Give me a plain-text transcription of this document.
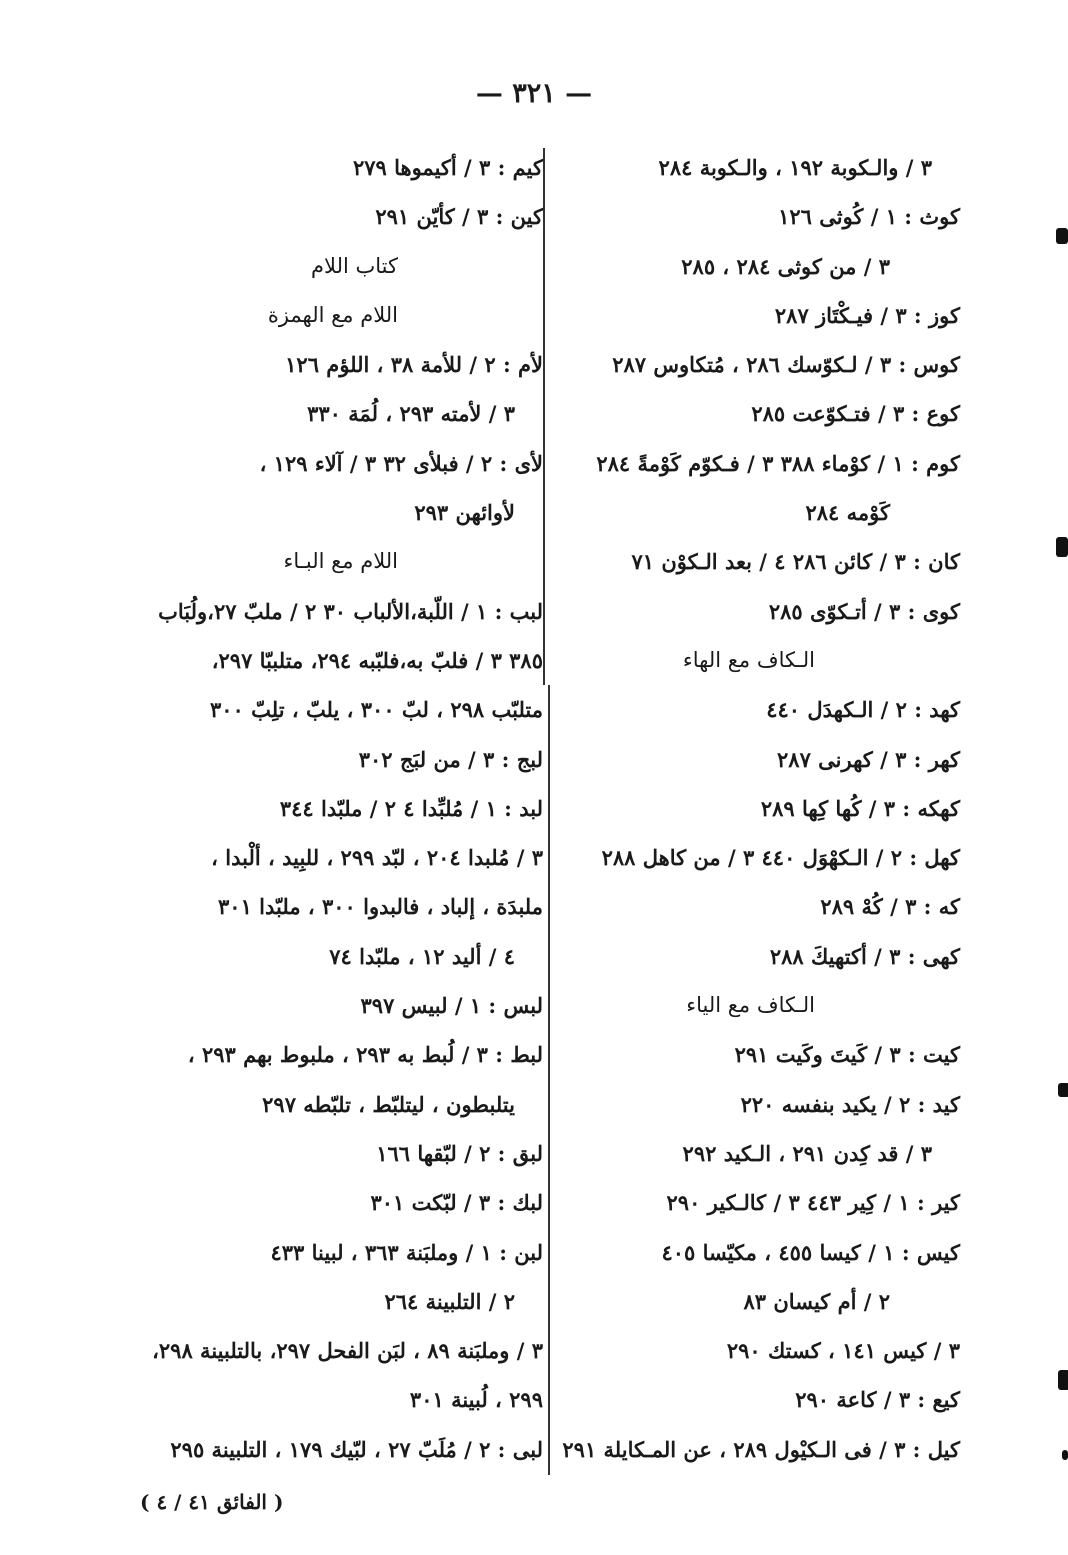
— ٣٢١ —
٣ / والـكوبة ١٩٢ ، والـكوبة ٢٨٤
كوث : ١ / كُوثى ١٢٦
٣ / من كوثى ٢٨٤ ، ٢٨٥
كوز : ٣ / فيـكْتَاز ٢٨٧
كوس : ٣ / لـكوّسك ٢٨٦ ، مُتكاوس ٢٨٧
كوع : ٣ / فتـكوّعت ٢٨٥
كوم : ١ / كوْماء ٣٨٨ ٣ / فـكوّم كَوْمةً ٢٨٤
كَوْمه ٢٨٤
كان : ٣ / كائن ٢٨٦ ٤ / بعد الـكوْن ٧١
كوى : ٣ / أتـكوّى ٢٨٥
الـكاف مع الهاء
كهد : ٢ / الـكهدَل ٤٤٠
كهر : ٣ / كهرنى ٢٨٧
كهكه : ٣ / كُها كِها ٢٨٩
كهل : ٢ / الـكهْوَل ٤٤٠ ٣ / من كاهل ٢٨٨
كه : ٣ / كُهْ ٢٨٩
كهى : ٣ / أكتهيكَ ٢٨٨
الـكاف مع الياء
كيت : ٣ / كَيتَ وكَيت ٢٩١
كيد : ٢ / يكيد بنفسه ٢٢٠
٣ / قد كِدن ٢٩١ ، الـكيد ٢٩٢
كير : ١ / كِير ٤٤٣ ٣ / كالـكير ٢٩٠
كيس : ١ / كيسا ٤٥٥ ، مكيّسا ٤٠٥
٢ / أم كيسان ٨٣
٣ / كيس ١٤١ ، كستك ٢٩٠
كيع : ٣ / كاعة ٢٩٠
كيل : ٣ / فى الـكيْول ٢٨٩ ، عن المـكايلة ٢٩١
كيم : ٣ / أكيموها ٢٧٩
كين : ٣ / كأيّن ٢٩١
كتاب اللام
اللام مع الهمزة
لأم : ٢ / للأمة ٣٨ ، اللؤم ١٢٦
٣ / لأمته ٢٩٣ ، لُمَة ٣٣٠
لأى : ٢ / فبلأى ٣٢ ٣ / آلاء ١٢٩ ،
لأوائهن ٢٩٣
اللام مع البـاء
لبب : ١ / اللّبة،الألباب ٣٠ ٢ / ملبّ ٢٧،ولُبَاب
٣٨٥ ٣ / فلبّ به،فلبّبه ٢٩٤، متلببّا ٢٩٧،
متلبّب ٢٩٨ ، لبّ ٣٠٠ ، يلبّ ، تلِبّ ٣٠٠
لبج : ٣ / من لبَج ٣٠٢
لبد : ١ / مُلبِّدا ٤ ٢ / ملبّدا ٣٤٤
٣ / مُلبدا ٢٠٤ ، لبّد ٢٩٩ ، للبِيد ، ألْبدا ،
ملبدَة ، إلباد ، فالبدوا ٣٠٠ ، ملبّدا ٣٠١
٤ / أليد ١٢ ، ملبّدا ٧٤
لبس : ١ / لبيس ٣٩٧
لبط : ٣ / لُبط به ٢٩٣ ، ملبوط بهم ٢٩٣ ،
يتلبطون ، ليتلبّط ، تلبّطه ٢٩٧
لبق : ٢ / لبّقها ١٦٦
لبك : ٣ / لبّكت ٣٠١
لبن : ١ / وملبَنة ٣٦٣ ، لبينا ٤٣٣
٢ / التلبينة ٢٦٤
٣ / وملبَنة ٨٩ ، لبَن الفحل ٢٩٧، بالتلبينة ٢٩٨،
٢٩٩ ، لُبينة ٣٠١
لبى : ٢ / مُلَبّ ٢٧ ، لبّيك ١٧٩ ، التلبينة ٢٩٥
( الفائق ٤١ / ٤ )
